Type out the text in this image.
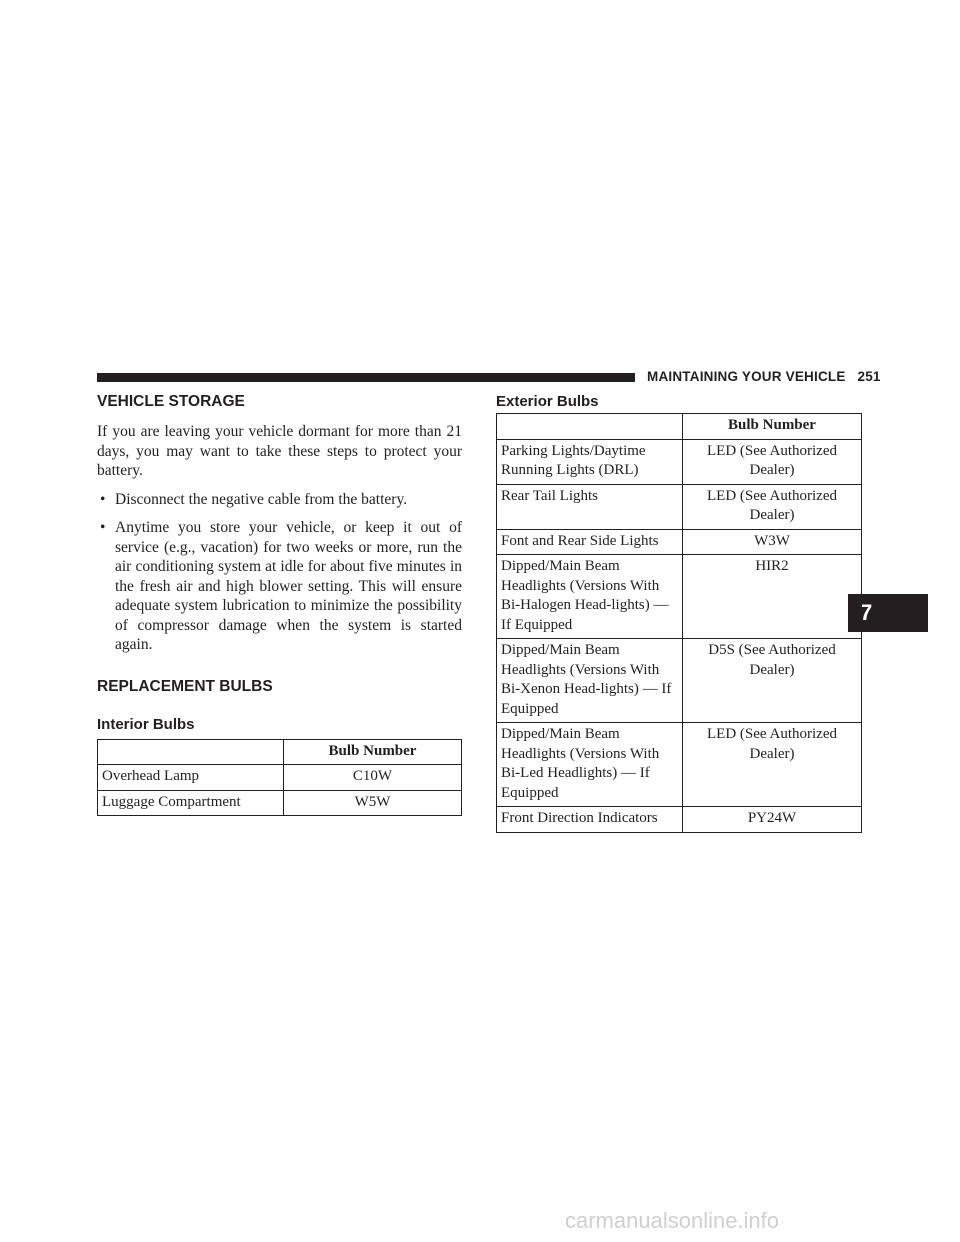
MAINTAINING YOUR VEHICLE 251
7
VEHICLE STORAGE

If you are leaving your vehicle dormant for more than 21 days, you may want to take these steps to protect your battery.

• Disconnect the negative cable from the battery.
• Anytime you store your vehicle, or keep it out of service (e.g., vacation) for two weeks or more, run the air conditioning system at idle for about five minutes in the fresh air and high blower setting. This will ensure adequate system lubrication to minimize the possibility of compressor damage when the system is started again.
REPLACEMENT BULBS
Interior Bulbs
	Bulb Number
Overhead Lamp	C10W
Luggage Compartment	W5W
Exterior Bulbs
	Bulb Number
Parking Lights/Daytime Running Lights (DRL)	LED (See Authorized Dealer)
Rear Tail Lights	LED (See Authorized Dealer)
Font and Rear Side Lights	W3W
Dipped/Main Beam Headlights (Versions With Bi-Halogen Head-lights) — If Equipped	HIR2
Dipped/Main Beam Headlights (Versions With Bi-Xenon Head-lights) — If Equipped	D5S (See Authorized Dealer)
Dipped/Main Beam Headlights (Versions With Bi-Led Headlights) — If Equipped	LED (See Authorized Dealer)
Front Direction Indicators	PY24W
carmanualsonline.info
